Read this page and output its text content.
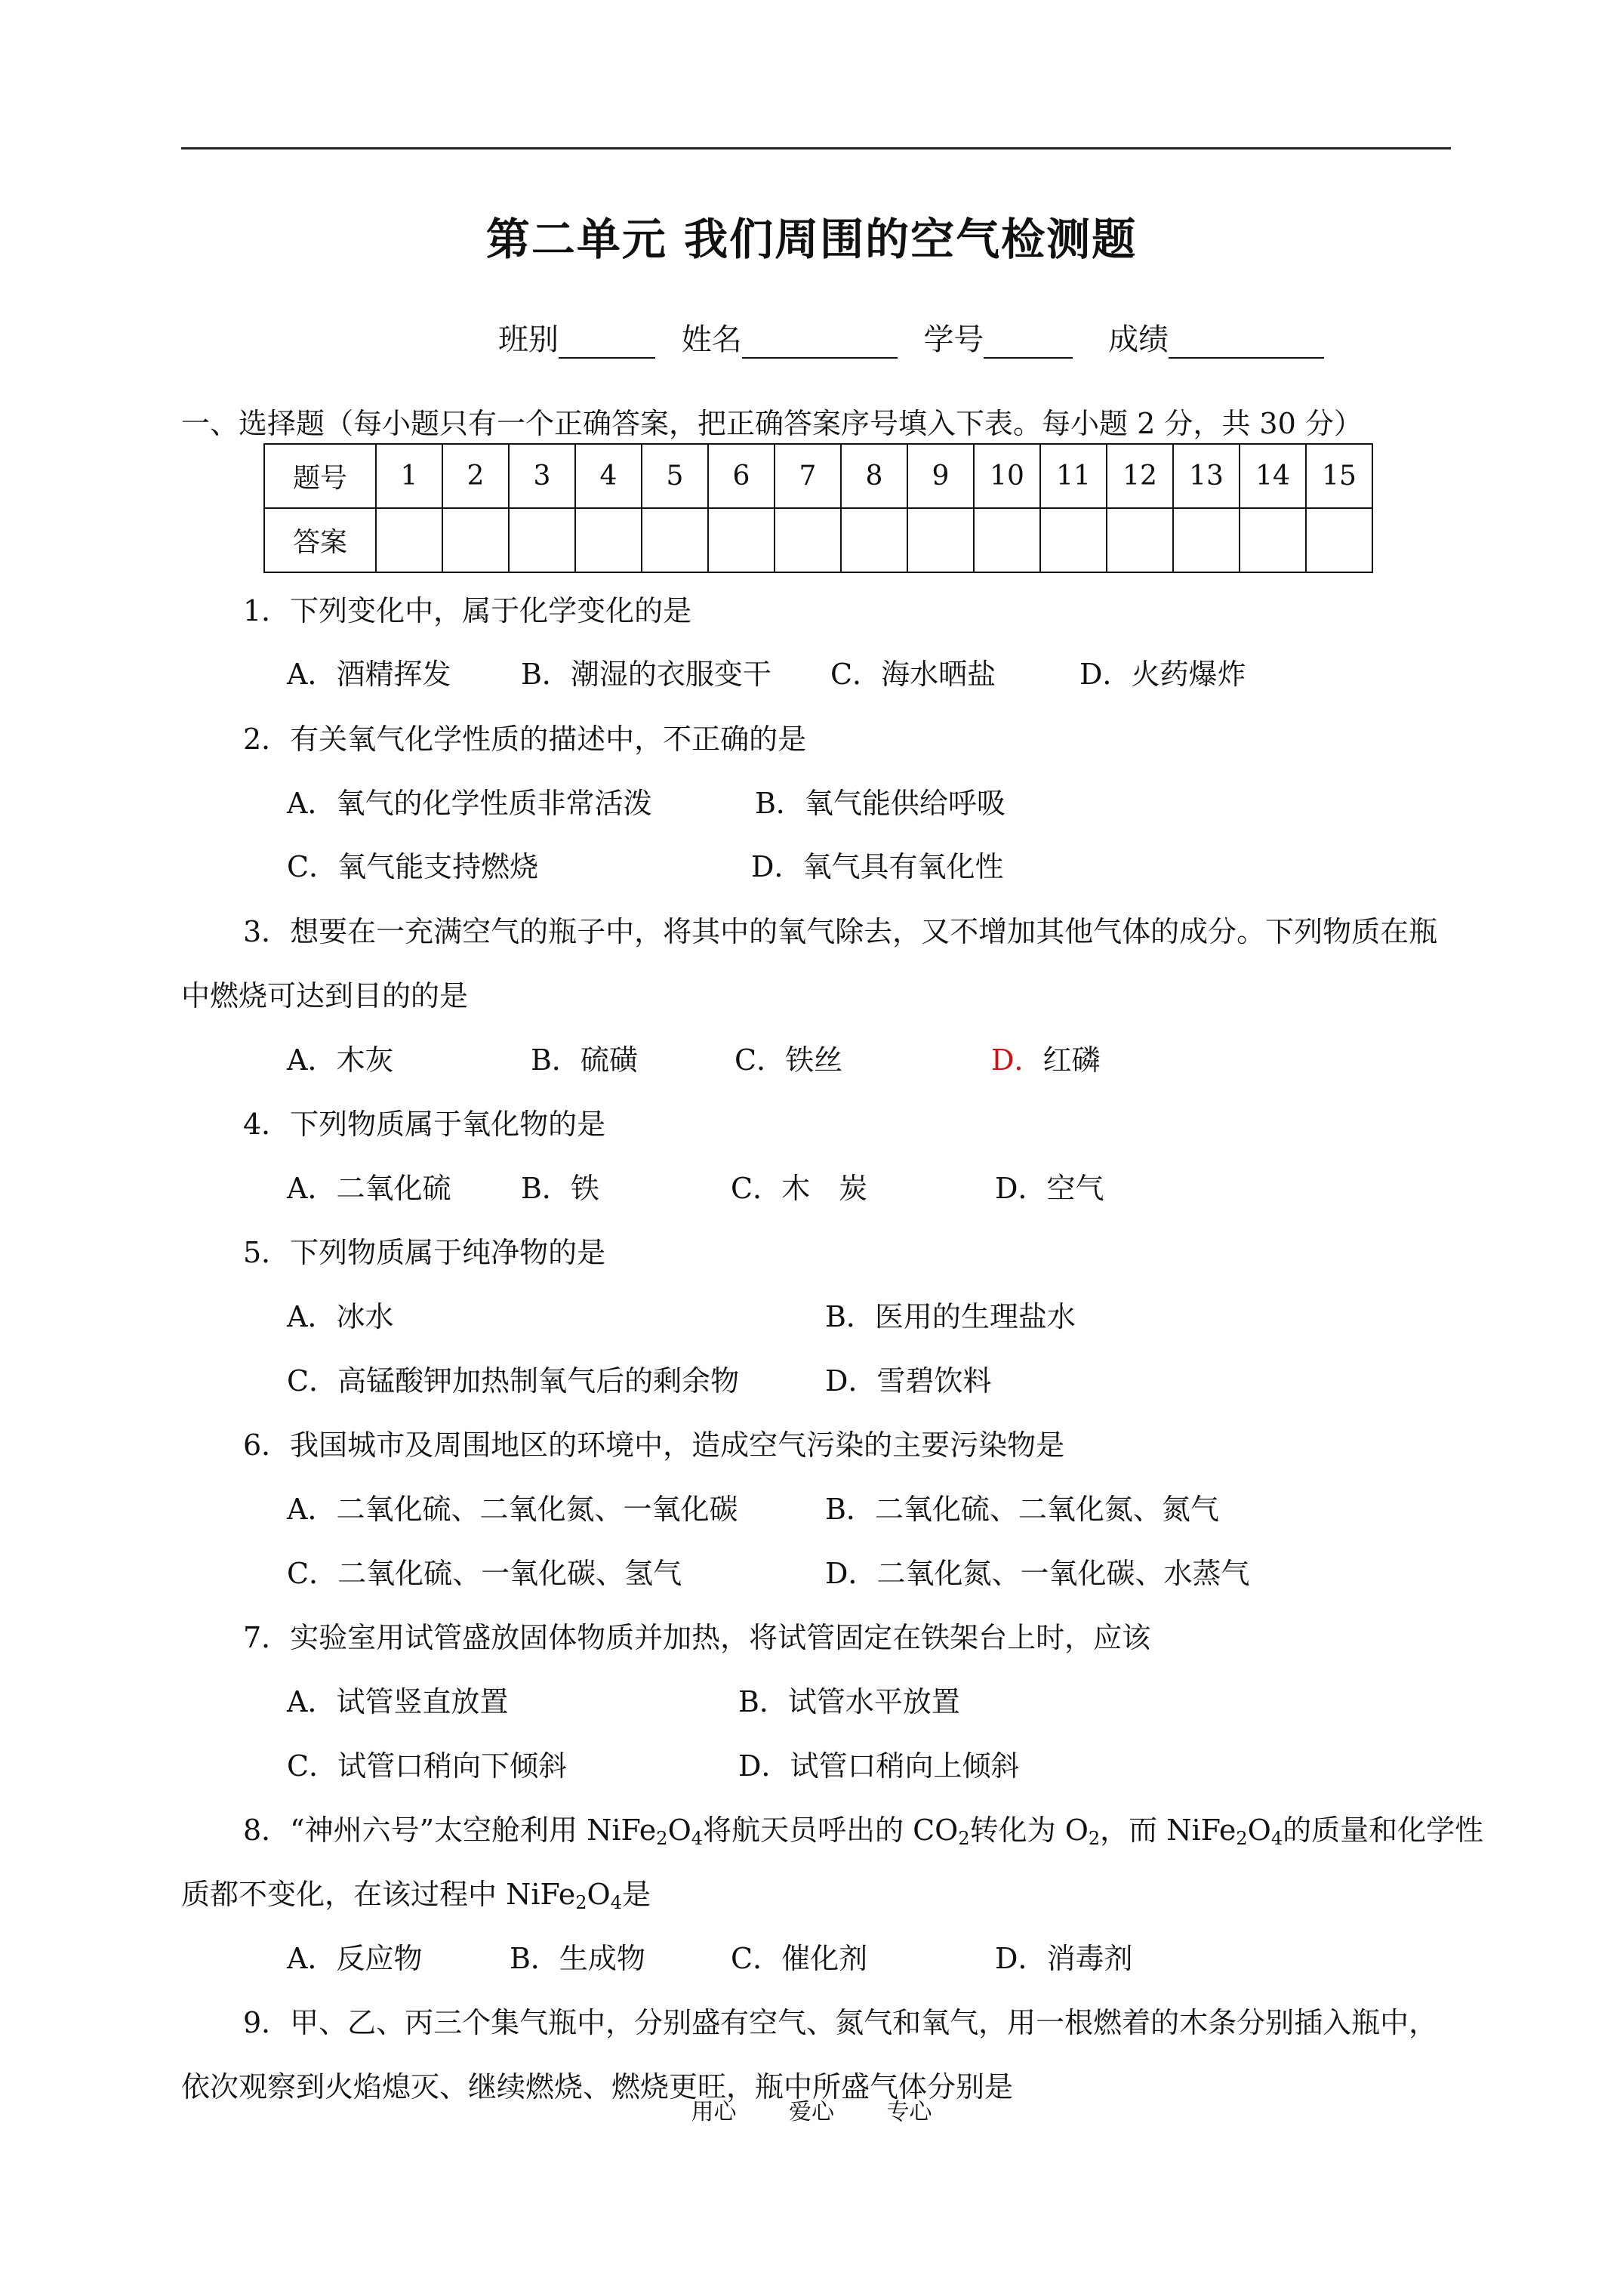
第二单元 我们周围的空气检测题
班别	姓名	学号	成绩
一、选择题（每小题只有一个正确答案，把正确答案序号填入下表。每小题 2 分，共 30 分）
题号	1	2	3	4	5	6	7	8	9	10	11	12	13	14	15
答案															
1．下列变化中，属于化学变化的是
A．酒精挥发 B．潮湿的衣服变干 C．海水晒盐	D．火药爆炸
2．有关氧气化学性质的描述中，不正确的是
A．氧气的化学性质非常活泼	B．氧气能供给呼吸
C．氧气能支持燃烧	D．氧气具有氧化性
3．想要在一充满空气的瓶子中，将其中的氧气除去，又不增加其他气体的成分。下列物质在瓶
中燃烧可达到目的的是
A．木灰	B．硫磺	C．铁丝	D．红磷
4．下列物质属于氧化物的是
A．二氧化硫 B．铁	C．木　炭	D．空气
5．下列物质属于纯净物的是
A．冰水	B．医用的生理盐水
C．高锰酸钾加热制氧气后的剩余物	D．雪碧饮料
6．我国城市及周围地区的环境中，造成空气污染的主要污染物是
A．二氧化硫、二氧化氮、一氧化碳	B．二氧化硫、二氧化氮、氮气
C．二氧化硫、一氧化碳、氢气	D．二氧化氮、一氧化碳、水蒸气
7．实验室用试管盛放固体物质并加热，将试管固定在铁架台上时，应该
A．试管竖直放置	B．试管水平放置
C．试管口稍向下倾斜	D．试管口稍向上倾斜
8．“神州六号”太空舱利用 $NiFe_2O_4$将航天员呼出的 $CO_2$转化为 $O_2$，而 $NiFe_2O_4$的质量和化学性
质都不变化，在该过程中 $NiFe_2O_4$是
A．反应物	B．生成物	C．催化剂	D．消毒剂
9．甲、乙、丙三个集气瓶中，分别盛有空气、氮气和氧气，用一根燃着的木条分别插入瓶中，
依次观察到火焰熄灭、继续燃烧、燃烧更旺，瓶中所盛气体分别是
用心 爱心 专心
